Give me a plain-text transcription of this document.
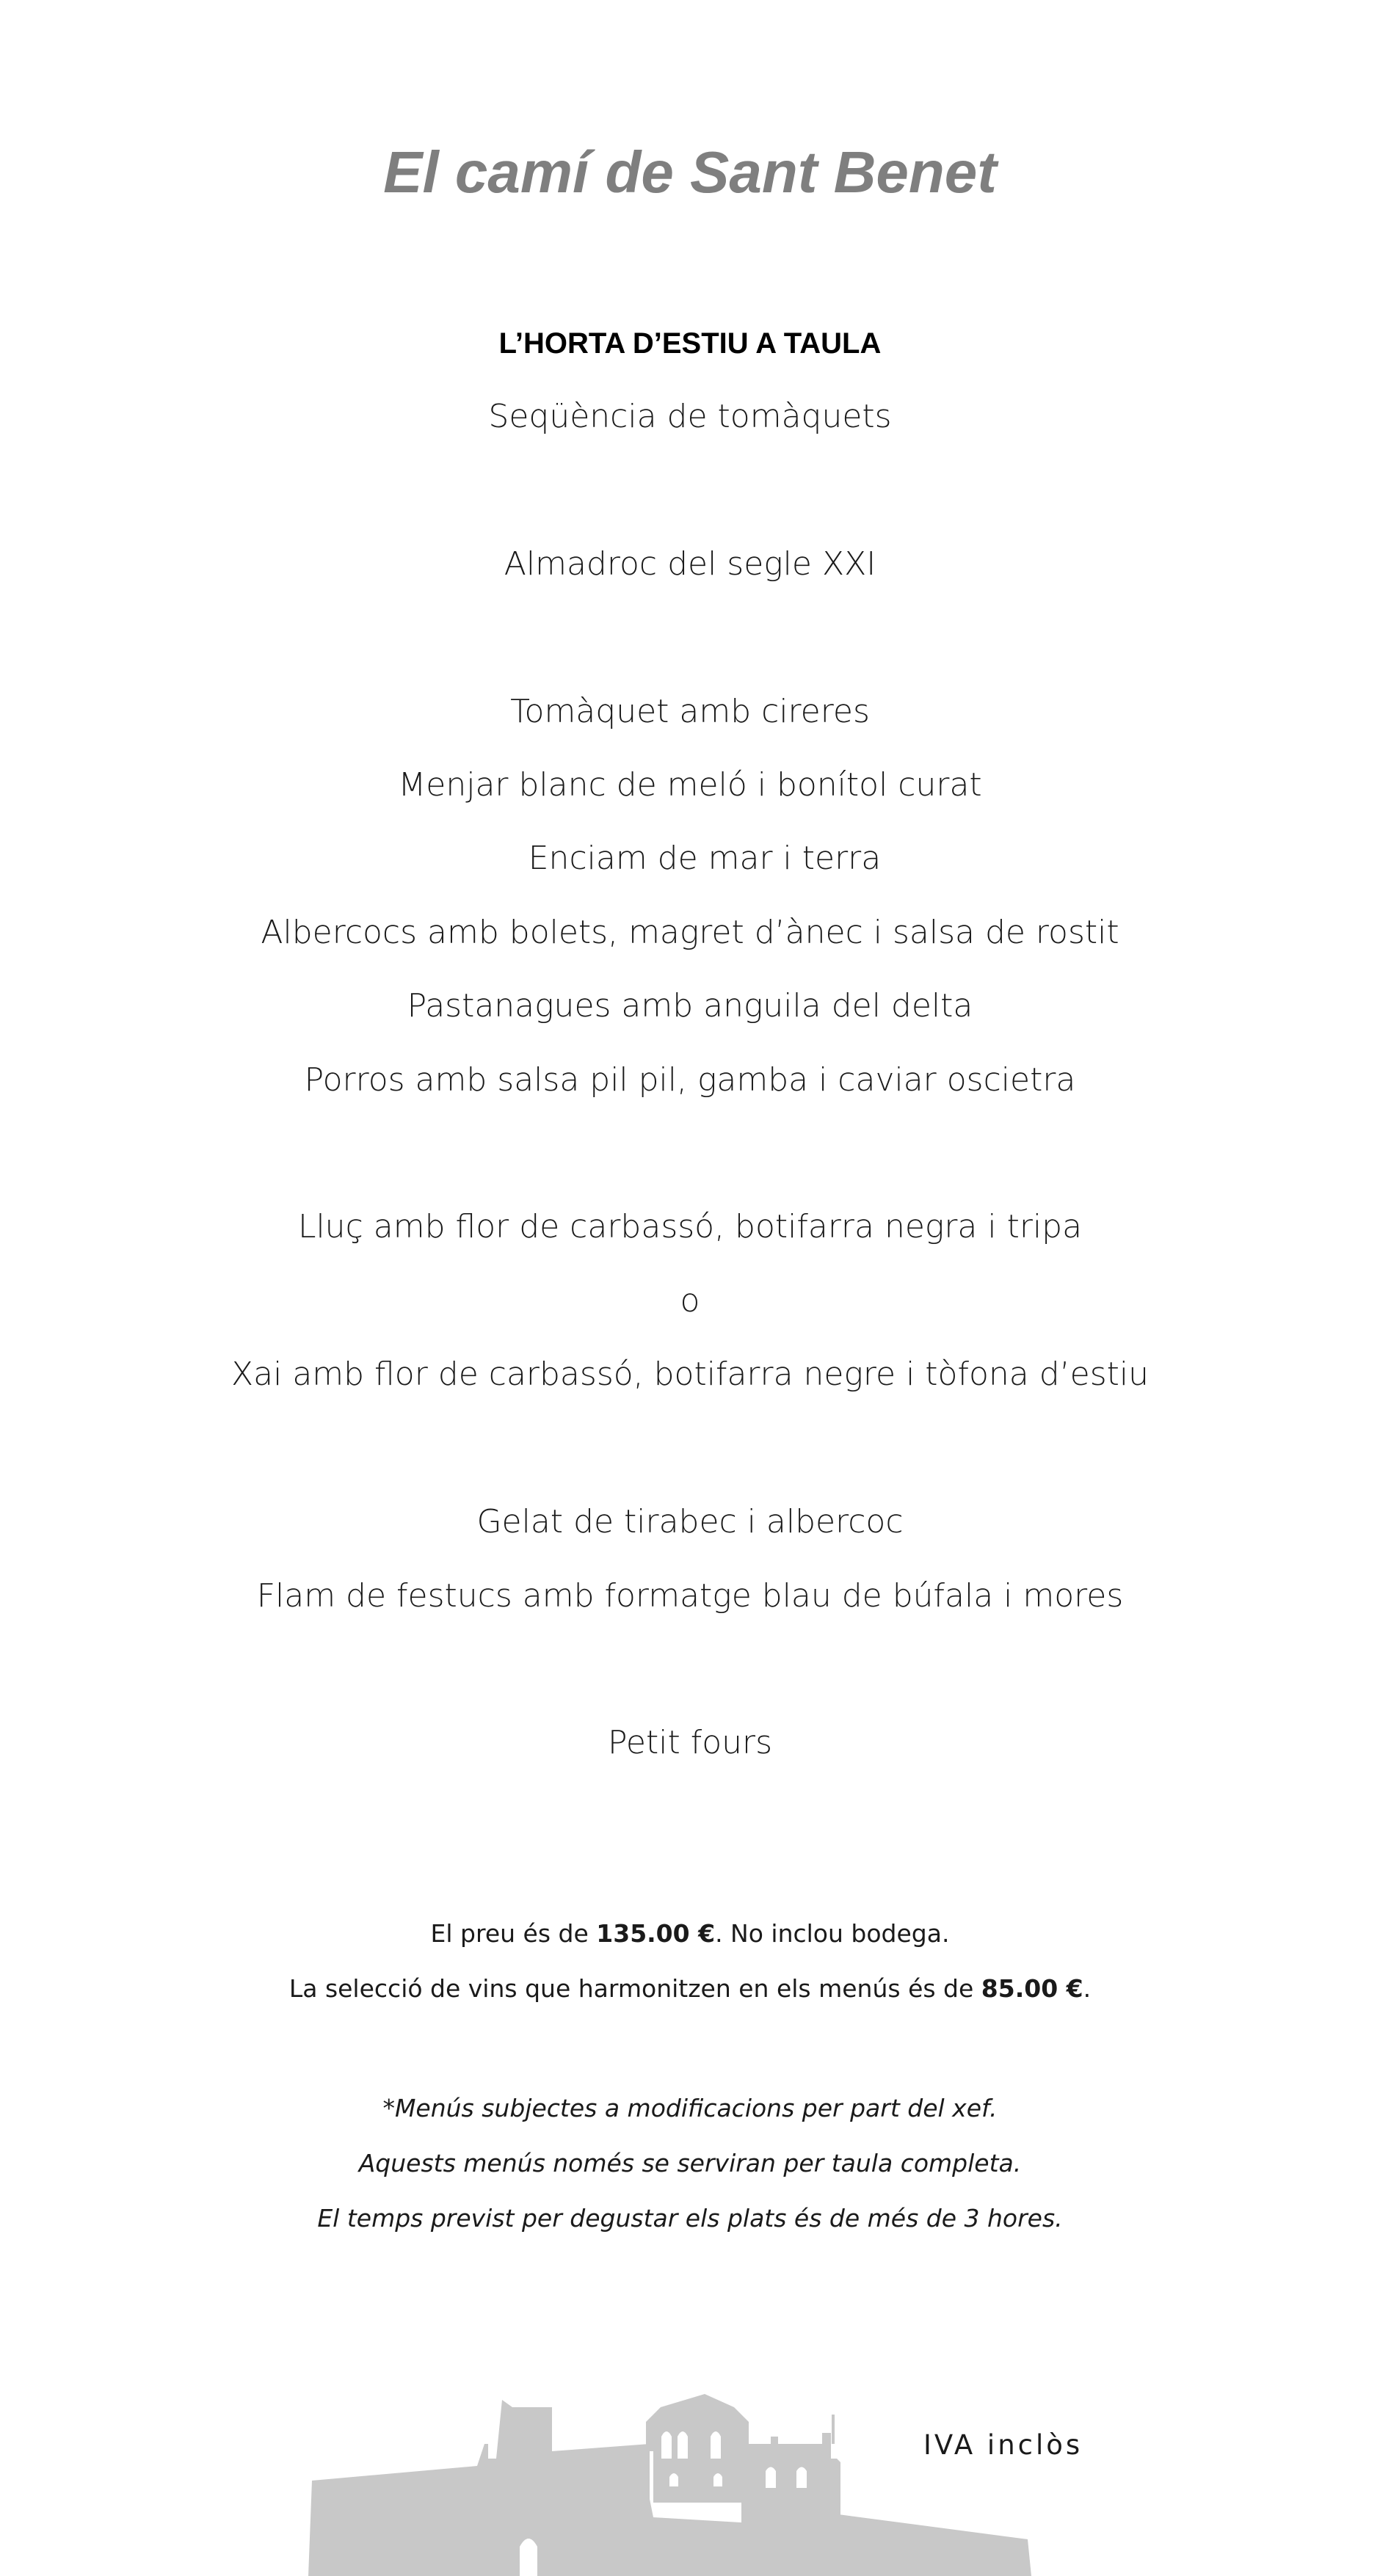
El camí de Sant Benet
L’HORTA D’ESTIU A TAULA
Seqüència de tomàquets
Almadroc del segle XXI
Tomàquet amb cireres
Menjar blanc de meló i bonítol curat
Enciam de mar i terra
Albercocs amb bolets, magret d’ànec i salsa de rostit
Pastanagues amb anguila del delta
Porros amb salsa pil pil, gamba i caviar oscietra
Lluç amb flor de carbassó, botifarra negra i tripa
o
Xai amb flor de carbassó, botifarra negre i tòfona d’estiu
Gelat de tirabec i albercoc
Flam de festucs amb formatge blau de búfala i mores
Petit fours
El preu és de 135.00 €. No inclou bodega.
La selecció de vins que harmonitzen en els menús és de 85.00 €.
*Menús subjectes a modificacions per part del xef.
Aquests menús només se serviran per taula completa.
El temps previst per degustar els plats és de més de 3 hores.
IVA inclòs
